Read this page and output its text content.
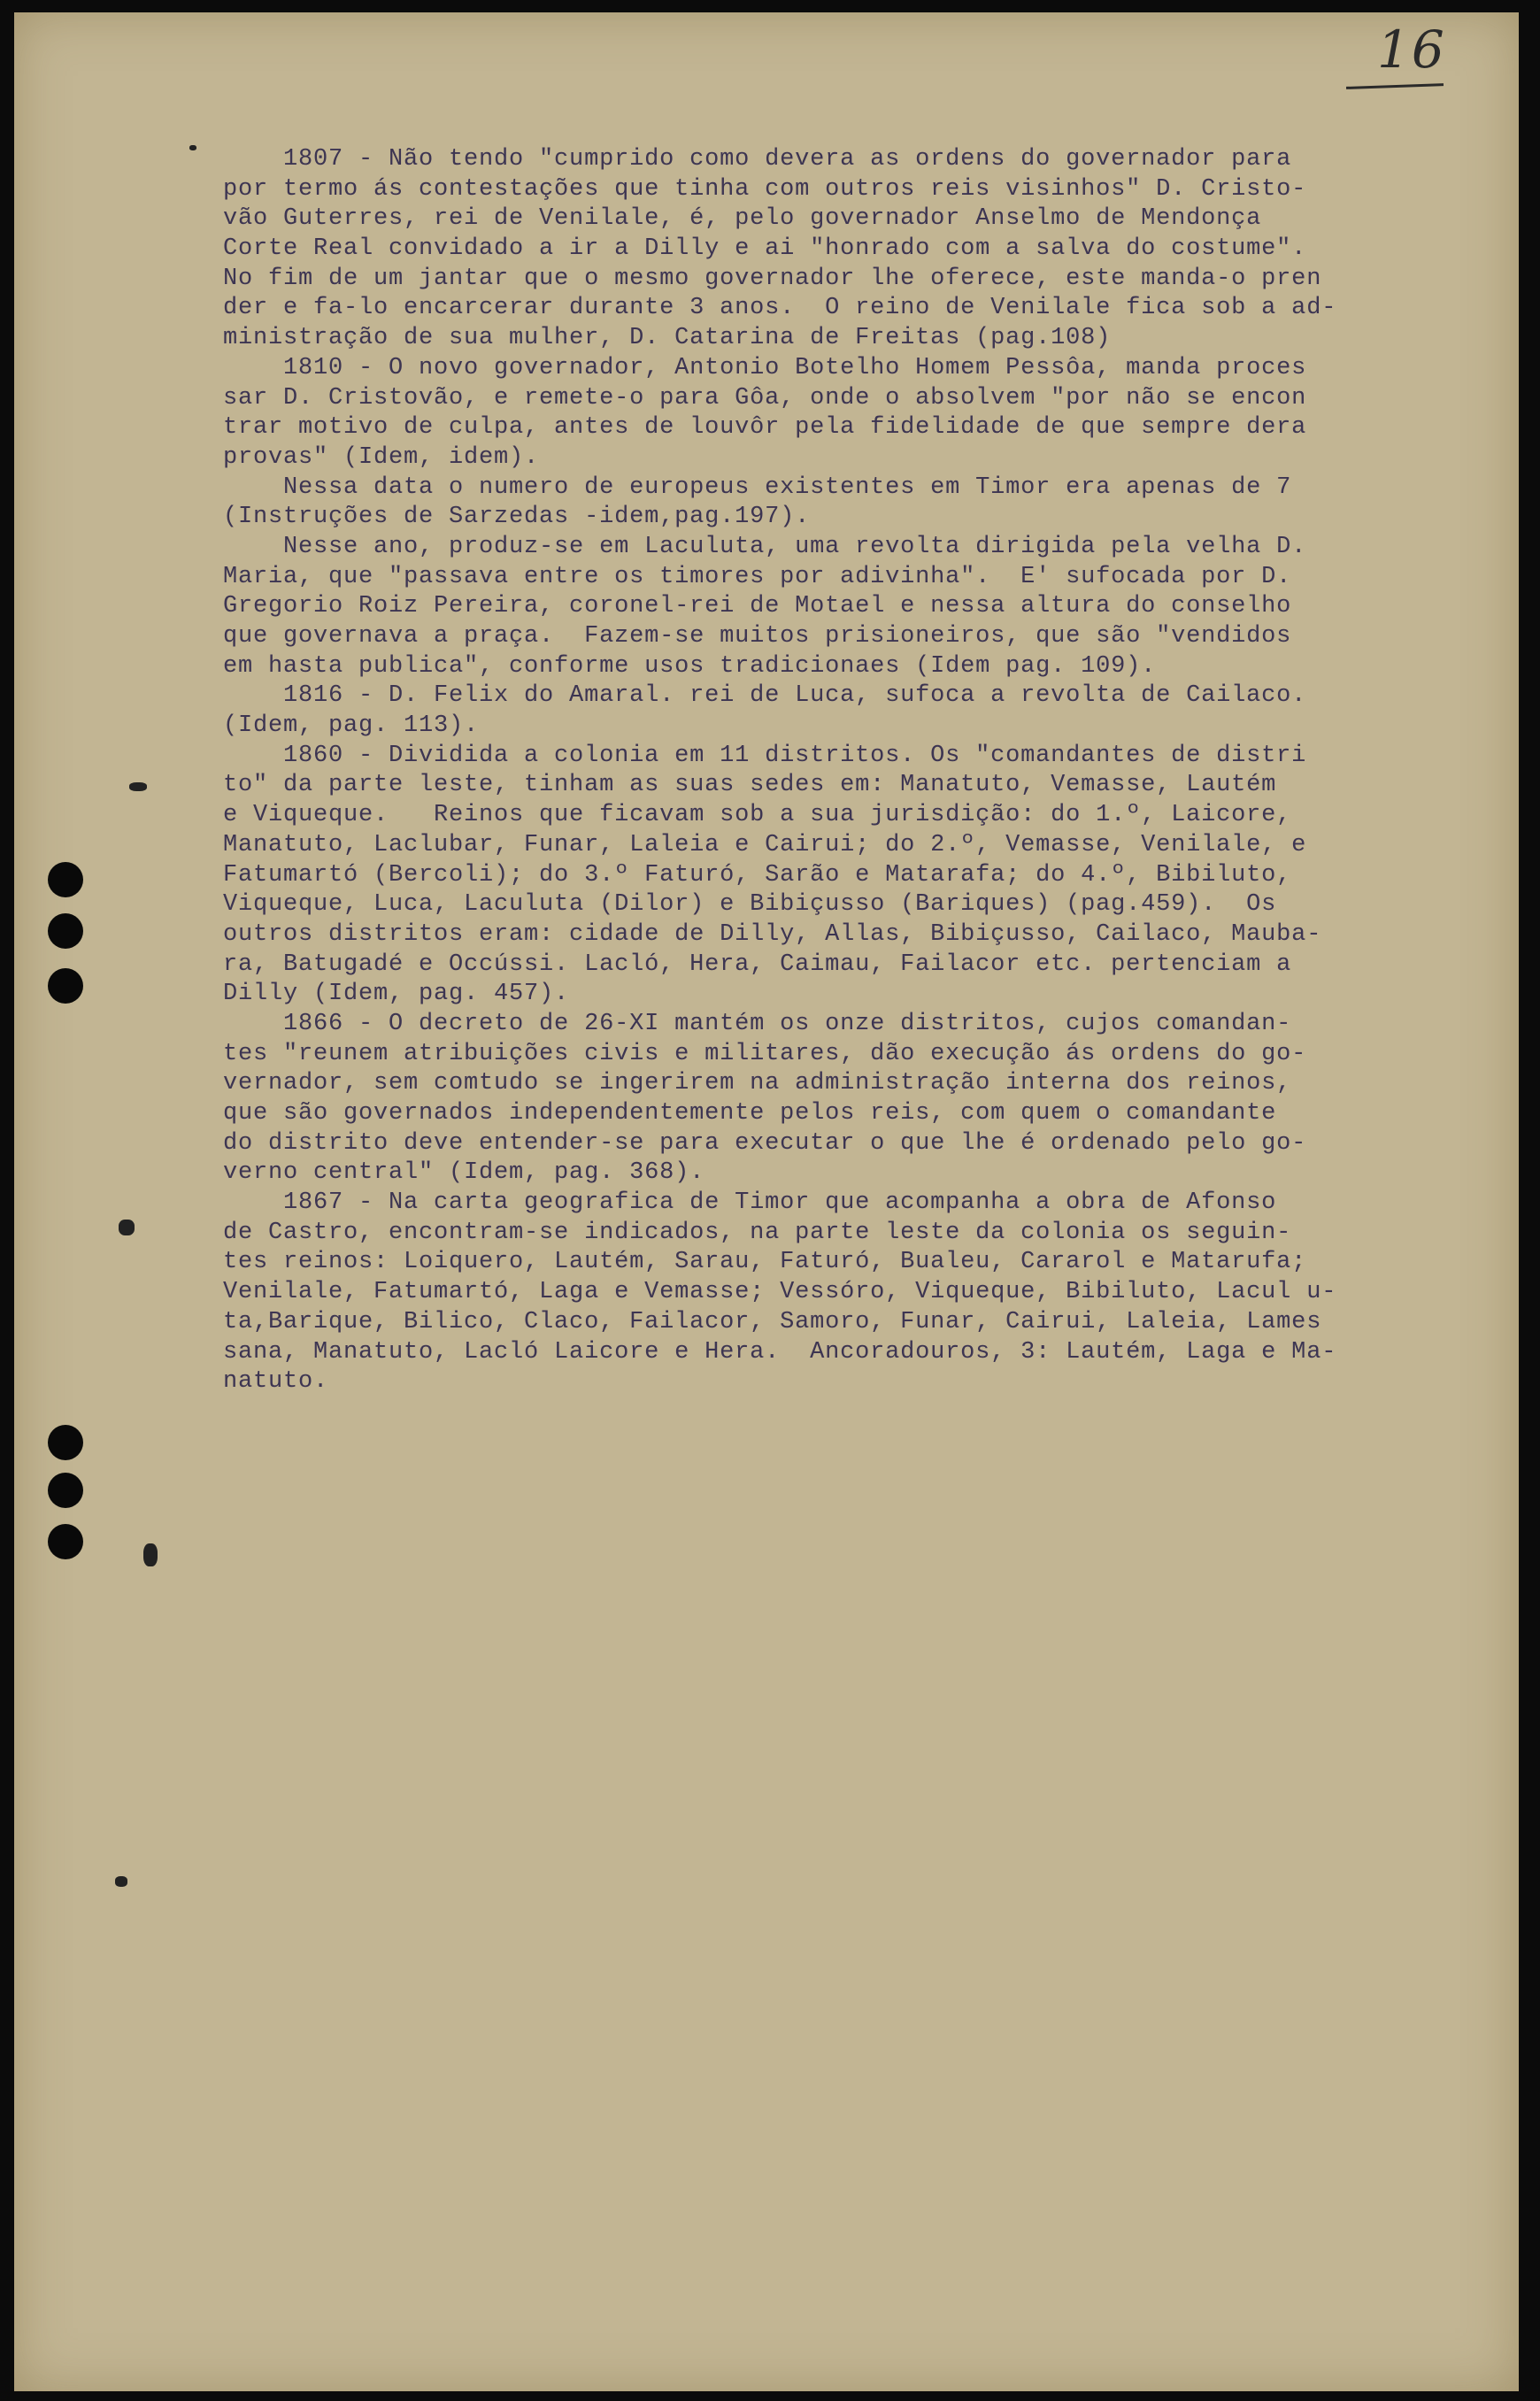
16
1807 - Não tendo "cumprido como devera as ordens do governador para
por termo ás contestações que tinha com outros reis visinhos" D. Cristo-
vão Guterres, rei de Venilale, é, pelo governador Anselmo de Mendonça
Corte Real convidado a ir a Dilly e ai "honrado com a salva do costume".
No fim de um jantar que o mesmo governador lhe oferece, este manda-o pren
der e fa-lo encarcerar durante 3 anos.  O reino de Venilale fica sob a ad-
ministração de sua mulher, D. Catarina de Freitas (pag.108)
1810 - O novo governador, Antonio Botelho Homem Pessôa, manda proces
sar D. Cristovão, e remete-o para Gôa, onde o absolvem "por não se encon
trar motivo de culpa, antes de louvôr pela fidelidade de que sempre dera
provas" (Idem, idem).
Nessa data o numero de europeus existentes em Timor era apenas de 7
(Instruções de Sarzedas -idem,pag.197).
Nesse ano, produz-se em Laculuta, uma revolta dirigida pela velha D.
Maria, que "passava entre os timores por adivinha".  E' sufocada por D.
Gregorio Roiz Pereira, coronel-rei de Motael e nessa altura do conselho
que governava a praça.  Fazem-se muitos prisioneiros, que são "vendidos
em hasta publica", conforme usos tradicionaes (Idem pag. 109).
1816 - D. Felix do Amaral. rei de Luca, sufoca a revolta de Cailaco.
(Idem, pag. 113).
1860 - Dividida a colonia em 11 distritos. Os "comandantes de distri
to" da parte leste, tinham as suas sedes em: Manatuto, Vemasse, Lautém
e Viqueque.   Reinos que ficavam sob a sua jurisdição: do 1.º, Laicore,
Manatuto, Laclubar, Funar, Laleia e Cairui; do 2.º, Vemasse, Venilale, e
Fatumartó (Bercoli); do 3.º Faturó, Sarão e Matarafa; do 4.º, Bibiluto,
Viqueque, Luca, Laculuta (Dilor) e Bibiçusso (Bariques) (pag.459).  Os
outros distritos eram: cidade de Dilly, Allas, Bibiçusso, Cailaco, Mauba-
ra, Batugadé e Occússi. Lacló, Hera, Caimau, Failacor etc. pertenciam a
Dilly (Idem, pag. 457).
1866 - O decreto de 26-XI mantém os onze distritos, cujos comandan-
tes "reunem atribuições civis e militares, dão execução ás ordens do go-
vernador, sem comtudo se ingerirem na administração interna dos reinos,
que são governados independentemente pelos reis, com quem o comandante
do distrito deve entender-se para executar o que lhe é ordenado pelo go-
verno central" (Idem, pag. 368).
1867 - Na carta geografica de Timor que acompanha a obra de Afonso
de Castro, encontram-se indicados, na parte leste da colonia os seguin-
tes reinos: Loiquero, Lautém, Sarau, Faturó, Bualeu, Cararol e Matarufa;
Venilale, Fatumartó, Laga e Vemasse; Vessóro, Viqueque, Bibiluto, Lacul u-
ta,Barique, Bilico, Claco, Failacor, Samoro, Funar, Cairui, Laleia, Lames
sana, Manatuto, Lacló Laicore e Hera.  Ancoradouros, 3: Lautém, Laga e Ma-
natuto.
